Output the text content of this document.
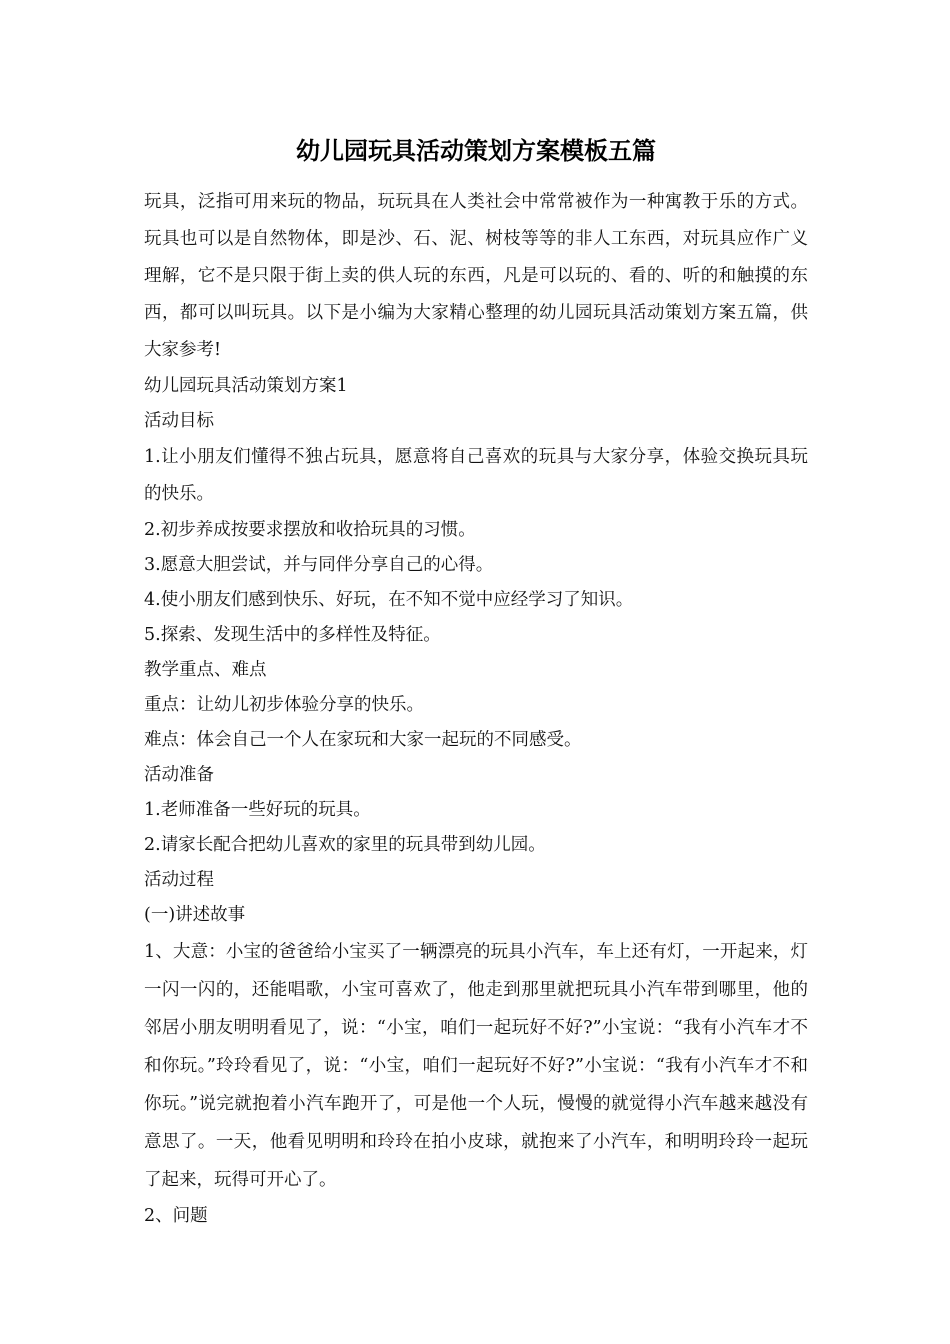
幼儿园玩具活动策划方案模板五篇

玩具，泛指可用来玩的物品，玩玩具在人类社会中常常被作为一种寓教于乐的方式。玩具也可以是自然物体，即是沙、石、泥、树枝等等的非人工东西，对玩具应作广义理解，它不是只限于街上卖的供人玩的东西，凡是可以玩的、看的、听的和触摸的东西，都可以叫玩具。以下是小编为大家精心整理的幼儿园玩具活动策划方案五篇，供大家参考!

幼儿园玩具活动策划方案1
活动目标

1.让小朋友们懂得不独占玩具，愿意将自己喜欢的玩具与大家分享，体验交换玩具玩的快乐。

2.初步养成按要求摆放和收拾玩具的习惯。
3.愿意大胆尝试，并与同伴分享自己的心得。
4.使小朋友们感到快乐、好玩，在不知不觉中应经学习了知识。
5.探索、发现生活中的多样性及特征。
教学重点、难点
重点：让幼儿初步体验分享的快乐。
难点：体会自己一个人在家玩和大家一起玩的不同感受。
活动准备
1.老师准备一些好玩的玩具。
2.请家长配合把幼儿喜欢的家里的玩具带到幼儿园。
活动过程
(一)讲述故事

1、大意：小宝的爸爸给小宝买了一辆漂亮的玩具小汽车，车上还有灯，一开起来，灯一闪一闪的，还能唱歌，小宝可喜欢了，他走到那里就把玩具小汽车带到哪里，他的邻居小朋友明明看见了，说：“小宝，咱们一起玩好不好?”小宝说：“我有小汽车才不和你玩。”玲玲看见了，说：“小宝，咱们一起玩好不好?”小宝说：“我有小汽车才不和你玩。”说完就抱着小汽车跑开了，可是他一个人玩，慢慢的就觉得小汽车越来越没有意思了。一天，他看见明明和玲玲在拍小皮球，就抱来了小汽车，和明明玲玲一起玩了起来，玩得可开心了。

2、问题
